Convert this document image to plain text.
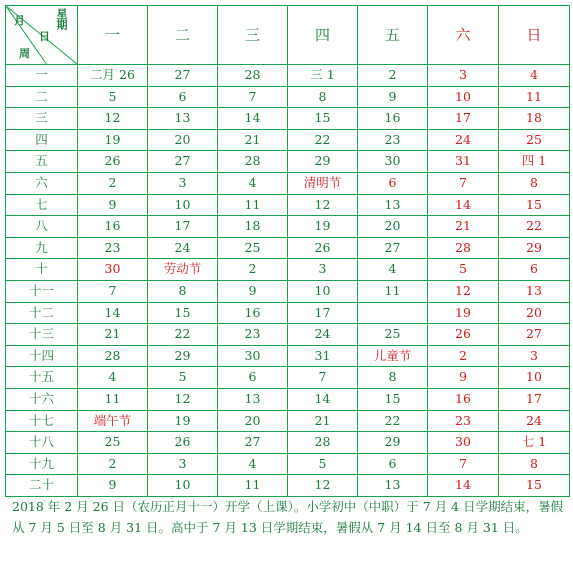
星期
月
日
周	一	二	三	四	五	六	日
一	二月 26	27	28	三 1	2	3	4
二	5	6	7	8	9	10	11
三	12	13	14	15	16	17	18
四	19	20	21	22	23	24	25
五	26	27	28	29	30	31	四 1
六	2	3	4	清明节	6	7	8
七	9	10	11	12	13	14	15
八	16	17	18	19	20	21	22
九	23	24	25	26	27	28	29
十	30	劳动节	2	3	4	5	6
十一	7	8	9	10	11	12	13
十二	14	15	16	17		19	20
十三	21	22	23	24	25	26	27
十四	28	29	30	31	儿童节	2	3
十五	4	5	6	7	8	9	10
十六	11	12	13	14	15	16	17
十七	端午节	19	20	21	22	23	24
十八	25	26	27	28	29	30	七 1
十九	2	3	4	5	6	7	8
二十	9	10	11	12	13	14	15
2018 年 2 月 26 日（农历正月十一）开学（上课）。小学初中（中职）于 7 月 4 日学期结束，暑假从 7 月 5 日至 8 月 31 日。高中于 7 月 13 日学期结束，暑假从 7 月 14 日至 8 月 31 日。
